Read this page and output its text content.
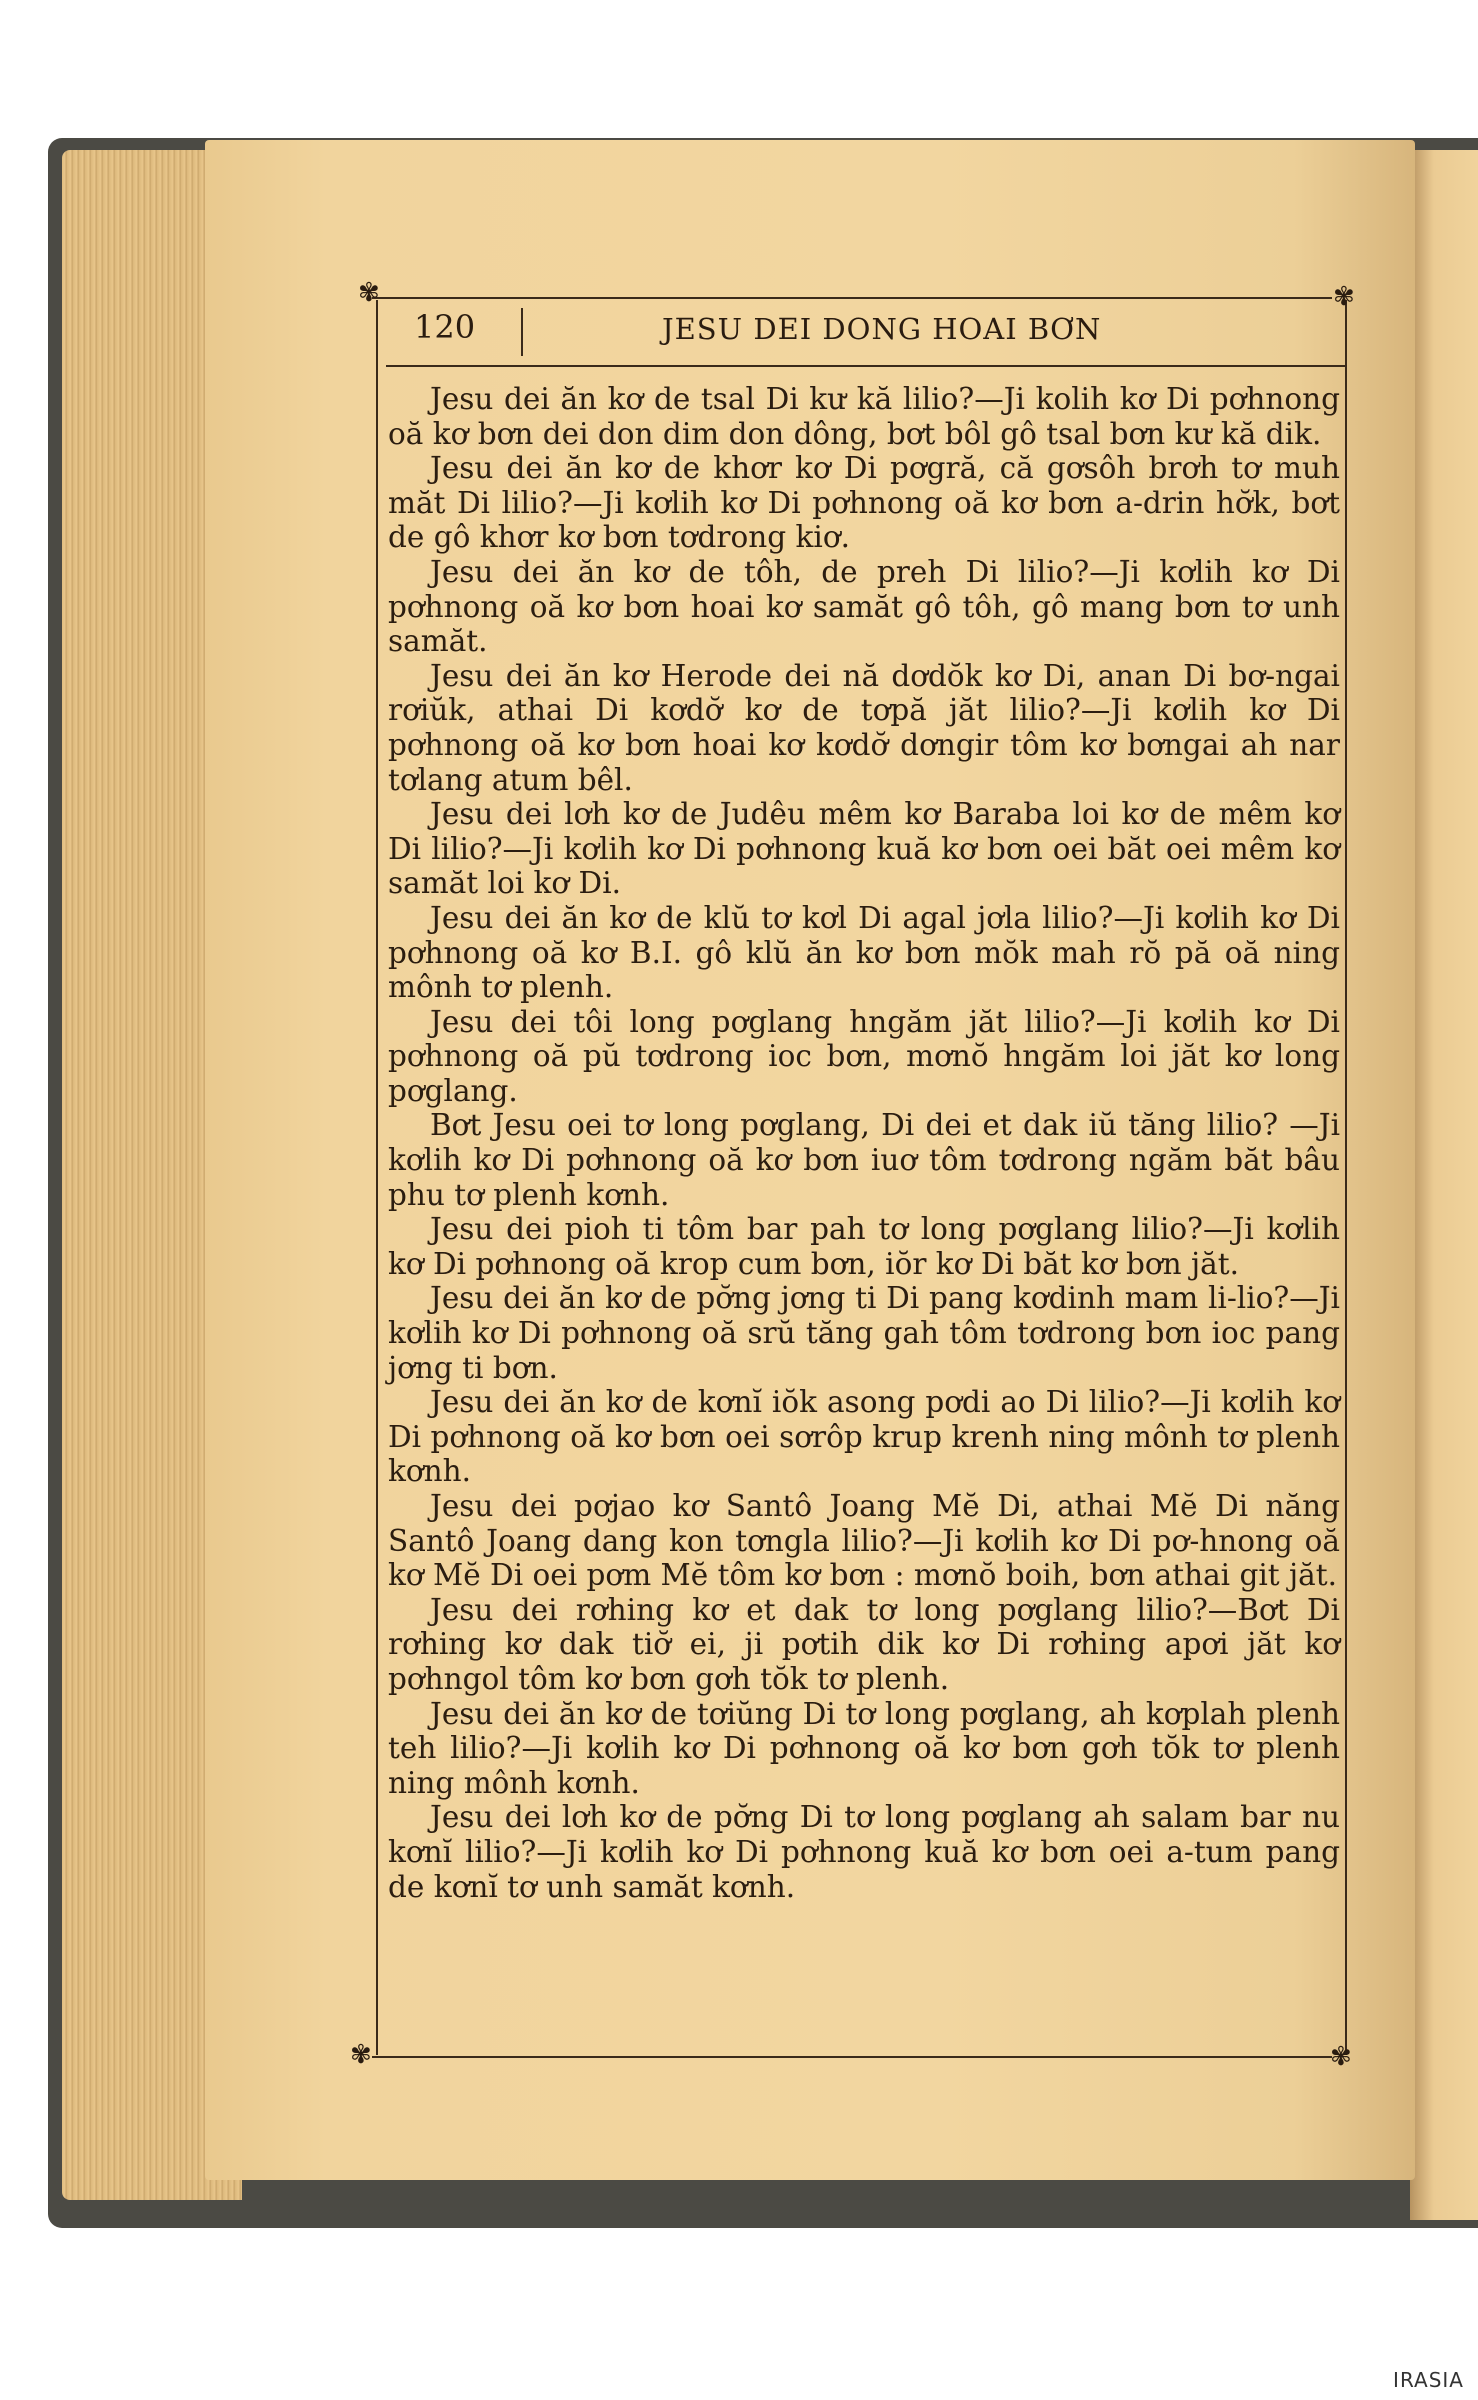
✾	✾
✾	✾
120	JESU DEI DONG HOAI BƠN

Jesu dei ăn kơ de tsal Di kư kă lilio?—Ji kolih kơ Di pơhnong oă kơ bơn dei don dim don dông, bơt bôl gô tsal bơn kư kă dik.

Jesu dei ăn kơ de khơr kơ Di pơgră, că gơsôh brơh tơ muh măt Di lilio?—Ji kơlih kơ Di pơhnong oă kơ bơn a-drin hơ̆k, bơt de gô khơr kơ bơn tơdrong kiơ.

Jesu dei ăn kơ de tôh, de preh Di lilio?—Ji kơlih kơ Di pơhnong oă kơ bơn hoai kơ samăt gô tôh, gô mang bơn tơ unh samăt.

Jesu dei ăn kơ Herode dei nă dơdŏk kơ Di, anan Di bơ-ngai rơiŭk, athai Di kơdơ̆ kơ de tơpă jăt lilio?—Ji kơlih kơ Di pơhnong oă kơ bơn hoai kơ kơdơ̆ dơngir tôm kơ bơngai ah nar tơlang atum bêl.

Jesu dei lơh kơ de Judêu mêm kơ Baraba loi kơ de mêm kơ Di lilio?—Ji kơlih kơ Di pơhnong kuă kơ bơn oei băt oei mêm kơ samăt loi kơ Di.

Jesu dei ăn kơ de klŭ tơ kơl Di agal jơla lilio?—Ji kơlih kơ Di pơhnong oă kơ B.I. gô klŭ ăn kơ bơn mŏk mah rŏ pă oă ning mônh tơ plenh.

Jesu dei tôi long pơglang hngăm jăt lilio?—Ji kơlih kơ Di pơhnong oă pŭ tơdrong ioc bơn, mơnŏ hngăm loi jăt kơ long pơglang.

Bơt Jesu oei tơ long pơglang, Di dei et dak iŭ tăng lilio? —Ji kơlih kơ Di pơhnong oă kơ bơn iuơ tôm tơdrong ngăm băt bâu phu tơ plenh kơnh.

Jesu dei pioh ti tôm bar pah tơ long pơglang lilio?—Ji kơlih kơ Di pơhnong oă krop cum bơn, iŏr kơ Di băt kơ bơn jăt.

Jesu dei ăn kơ de pơ̆ng jơng ti Di pang kơdinh mam li-lio?—Ji kơlih kơ Di pơhnong oă srŭ tăng gah tôm tơdrong bơn ioc pang jơng ti bơn.

Jesu dei ăn kơ de kơnĭ iŏk asong pơdi ao Di lilio?—Ji kơlih kơ Di pơhnong oă kơ bơn oei sơrôp krup krenh ning mônh tơ plenh kơnh.

Jesu dei pơjao kơ Santô Joang Mĕ Di, athai Mĕ Di năng Santô Joang dang kon tơngla lilio?—Ji kơlih kơ Di pơ-hnong oă kơ Mĕ Di oei pơm Mĕ tôm kơ bơn : mơnŏ boih, bơn athai git jăt.

Jesu dei rơhing kơ et dak tơ long pơglang lilio?—Bơt Di rơhing kơ dak tiơ̆ ei, ji pơtih dik kơ Di rơhing apơi jăt kơ pơhngol tôm kơ bơn gơh tŏk tơ plenh.

Jesu dei ăn kơ de tơiŭng Di tơ long pơglang, ah kơplah plenh teh lilio?—Ji kơlih kơ Di pơhnong oă kơ bơn gơh tŏk tơ plenh ning mônh kơnh.

Jesu dei lơh kơ de pơ̆ng Di tơ long pơglang ah salam bar nu kơnĭ lilio?—Ji kơlih kơ Di pơhnong kuă kơ bơn oei a-tum pang de kơnĭ tơ unh samăt kơnh.

IRASIA
